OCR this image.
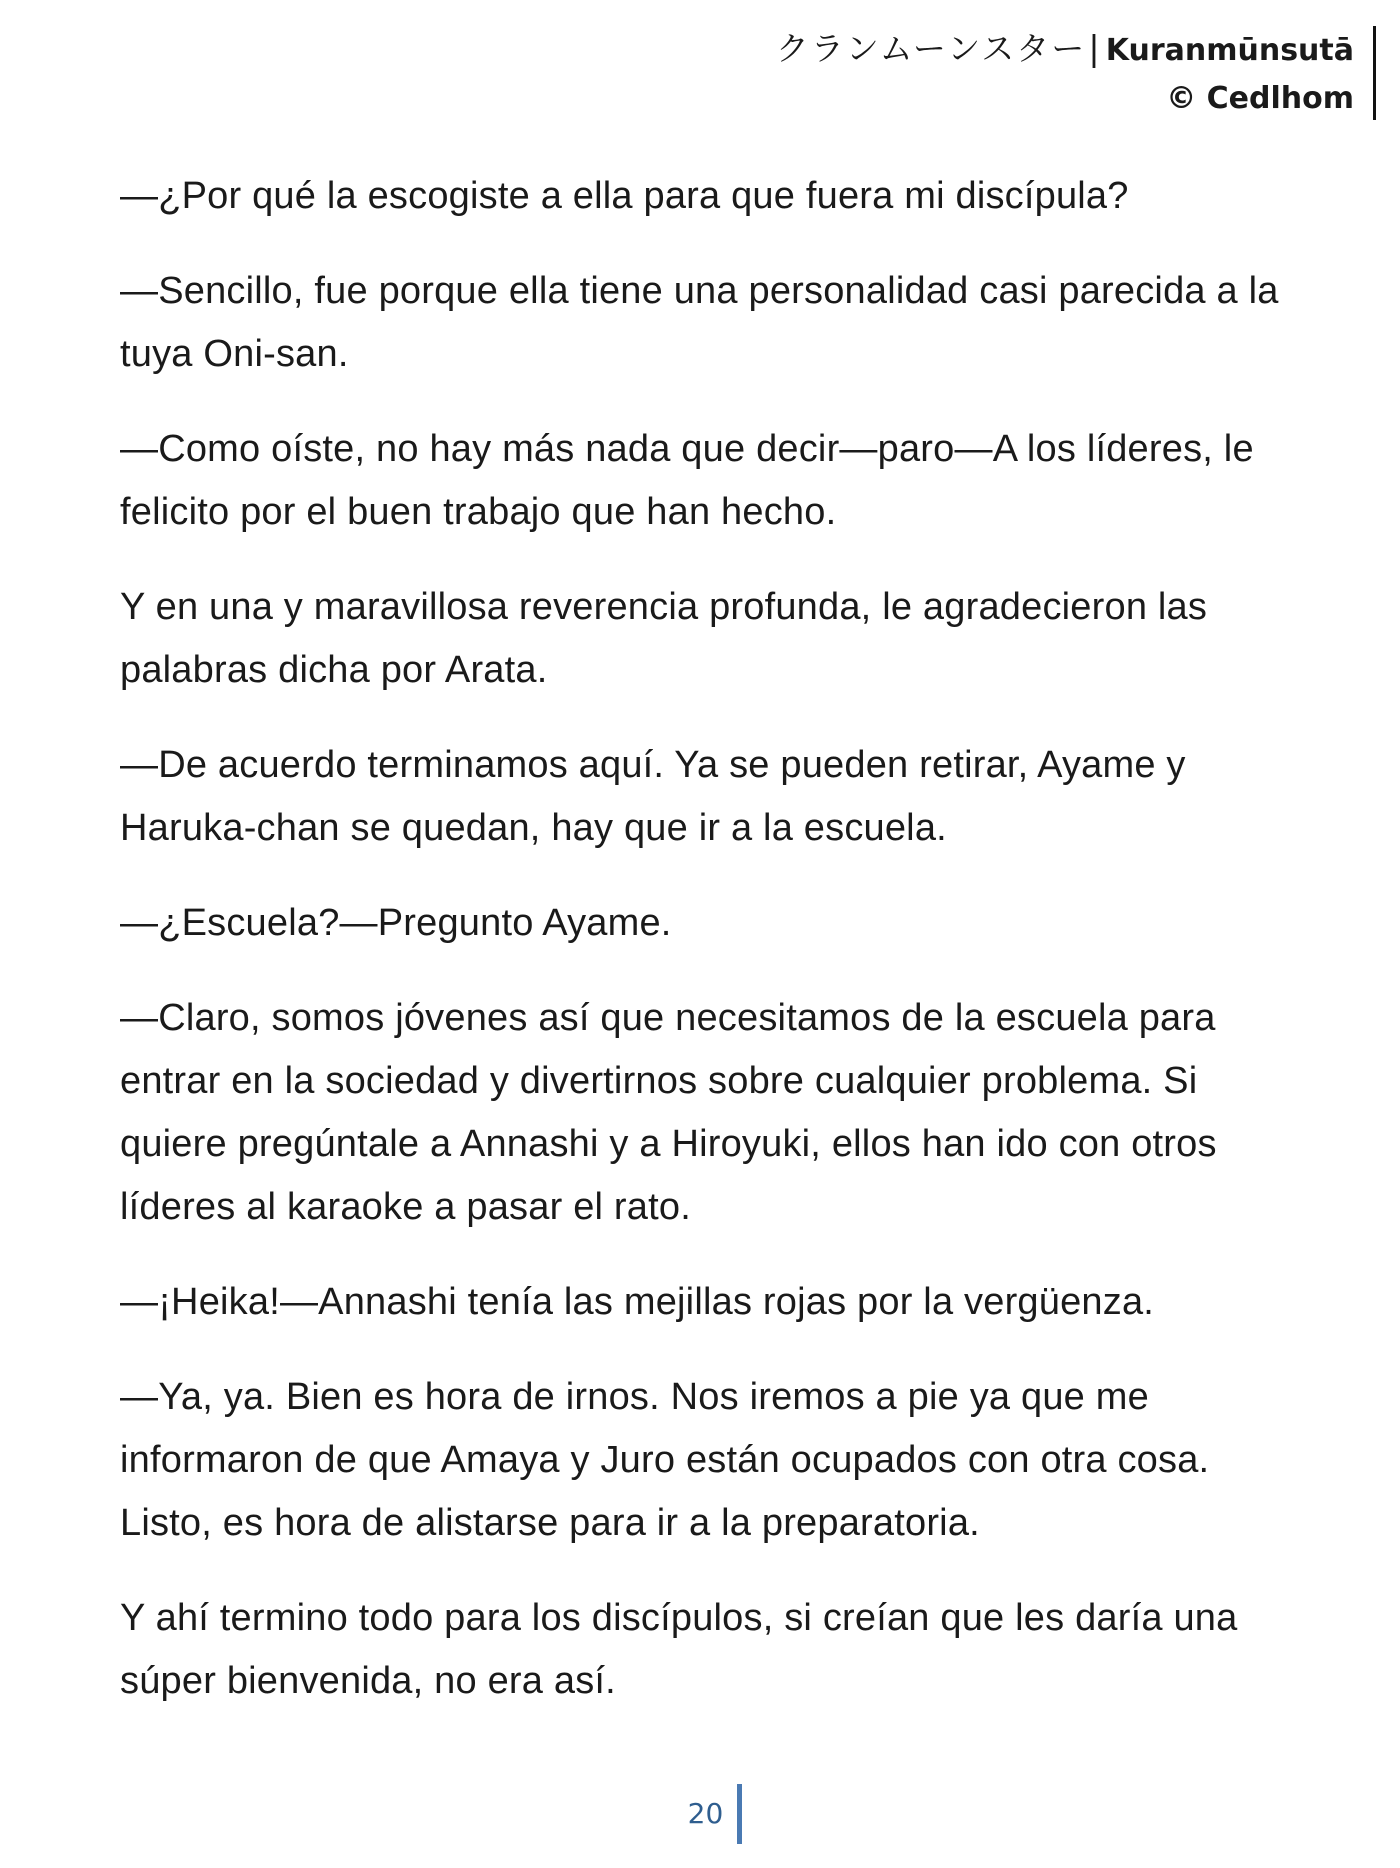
クランムーンスター| Kuranmūnsutā
© Cedlhom

—¿Por qué la escogiste a ella para que fuera mi discípula?

—Sencillo, fue porque ella tiene una personalidad casi parecida a la tuya Oni-san.

—Como oíste, no hay más nada que decir—paro—A los líderes, le felicito por el buen trabajo que han hecho.

Y en una y maravillosa reverencia profunda, le agradecieron las palabras dicha por Arata.

—De acuerdo terminamos aquí. Ya se pueden retirar, Ayame y Haruka-chan se quedan, hay que ir a la escuela.

—¿Escuela?—Pregunto Ayame.

—Claro, somos jóvenes así que necesitamos de la escuela para entrar en la sociedad y divertirnos sobre cualquier problema. Si quiere pregúntale a Annashi y a Hiroyuki, ellos han ido con otros líderes al karaoke a pasar el rato.

—¡Heika!—Annashi tenía las mejillas rojas por la vergüenza.

—Ya, ya. Bien es hora de irnos. Nos iremos a pie ya que me informaron de que Amaya y Juro están ocupados con otra cosa. Listo, es hora de alistarse para ir a la preparatoria.

Y ahí termino todo para los discípulos, si creían que les daría una súper bienvenida, no era así.

20
